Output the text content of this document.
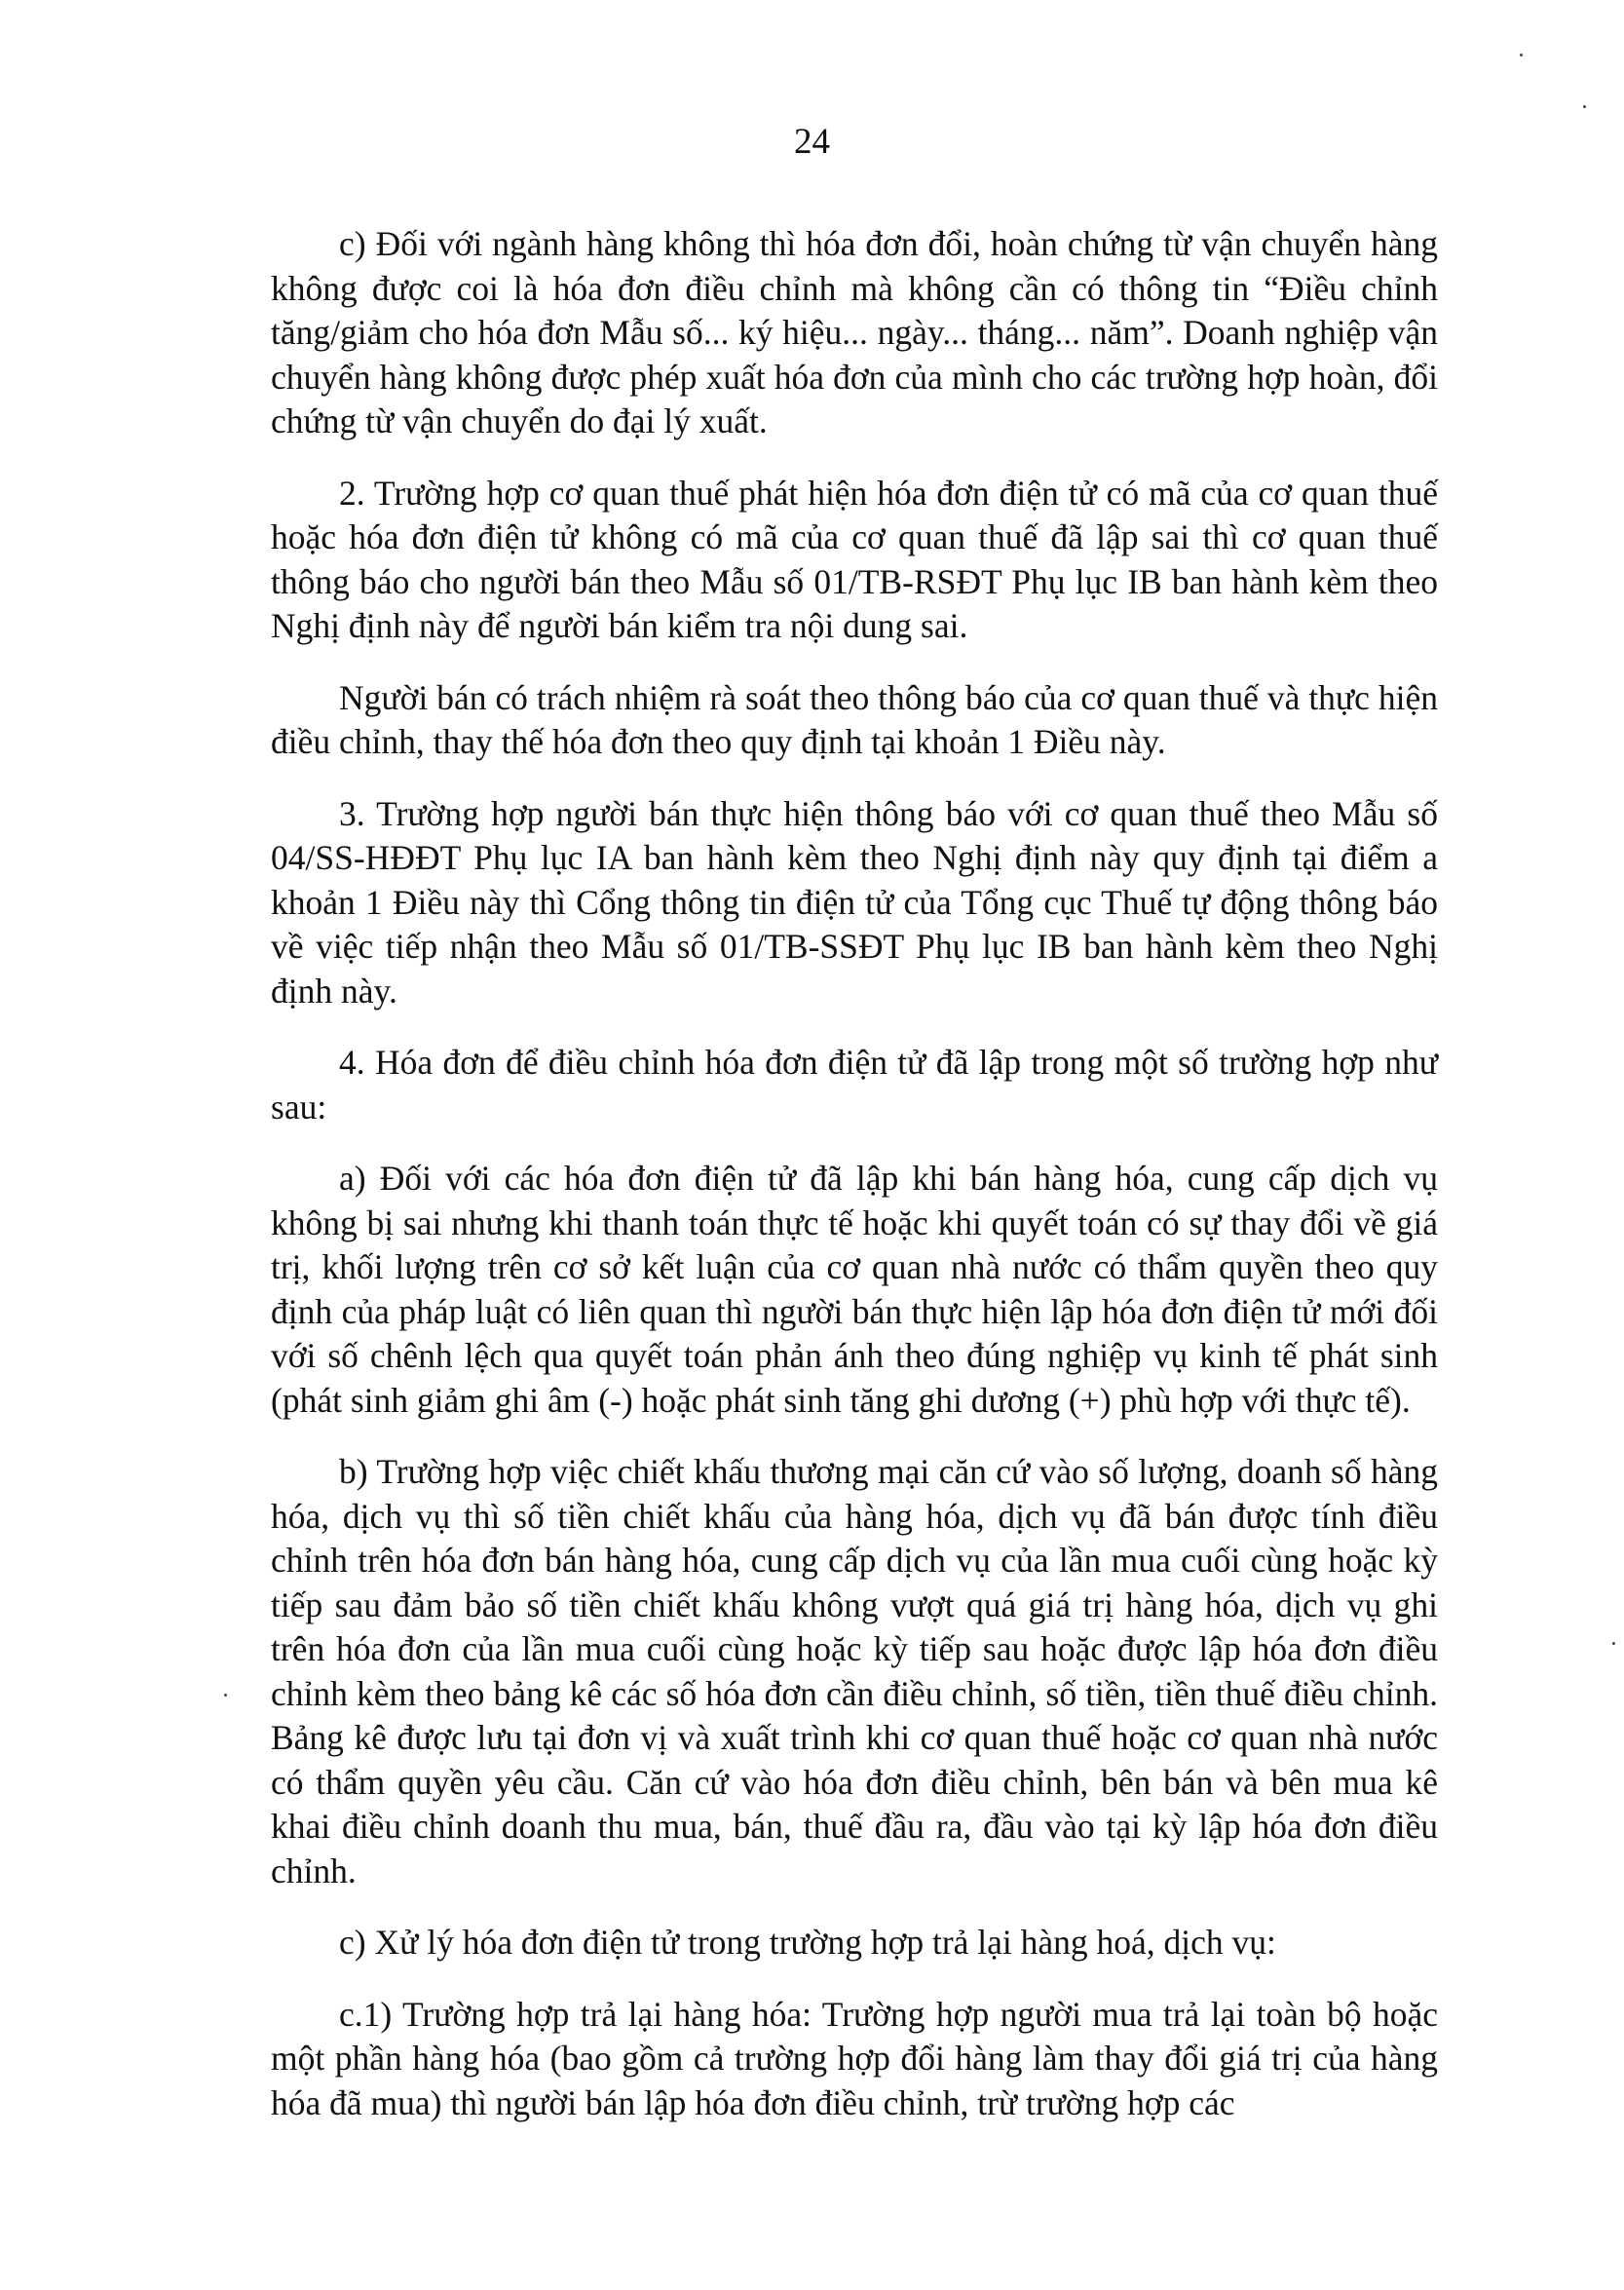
24

c) Đối với ngành hàng không thì hóa đơn đổi, hoàn chứng từ vận chuyển hàng không được coi là hóa đơn điều chỉnh mà không cần có thông tin “Điều chỉnh tăng/giảm cho hóa đơn Mẫu số... ký hiệu... ngày... tháng... năm”. Doanh nghiệp vận chuyển hàng không được phép xuất hóa đơn của mình cho các trường hợp hoàn, đổi chứng từ vận chuyển do đại lý xuất.

2. Trường hợp cơ quan thuế phát hiện hóa đơn điện tử có mã của cơ quan thuế hoặc hóa đơn điện tử không có mã của cơ quan thuế đã lập sai thì cơ quan thuế thông báo cho người bán theo Mẫu số 01/TB-RSĐT Phụ lục IB ban hành kèm theo Nghị định này để người bán kiểm tra nội dung sai.

Người bán có trách nhiệm rà soát theo thông báo của cơ quan thuế và thực hiện điều chỉnh, thay thế hóa đơn theo quy định tại khoản 1 Điều này.

3. Trường hợp người bán thực hiện thông báo với cơ quan thuế theo Mẫu số 04/SS-HĐĐT Phụ lục IA ban hành kèm theo Nghị định này quy định tại điểm a khoản 1 Điều này thì Cổng thông tin điện tử của Tổng cục Thuế tự động thông báo về việc tiếp nhận theo Mẫu số 01/TB-SSĐT Phụ lục IB ban hành kèm theo Nghị định này.

4. Hóa đơn để điều chỉnh hóa đơn điện tử đã lập trong một số trường hợp như sau:

a) Đối với các hóa đơn điện tử đã lập khi bán hàng hóa, cung cấp dịch vụ không bị sai nhưng khi thanh toán thực tế hoặc khi quyết toán có sự thay đổi về giá trị, khối lượng trên cơ sở kết luận của cơ quan nhà nước có thẩm quyền theo quy định của pháp luật có liên quan thì người bán thực hiện lập hóa đơn điện tử mới đối với số chênh lệch qua quyết toán phản ánh theo đúng nghiệp vụ kinh tế phát sinh (phát sinh giảm ghi âm (-) hoặc phát sinh tăng ghi dương (+) phù hợp với thực tế).

b) Trường hợp việc chiết khấu thương mại căn cứ vào số lượng, doanh số hàng hóa, dịch vụ thì số tiền chiết khấu của hàng hóa, dịch vụ đã bán được tính điều chỉnh trên hóa đơn bán hàng hóa, cung cấp dịch vụ của lần mua cuối cùng hoặc kỳ tiếp sau đảm bảo số tiền chiết khấu không vượt quá giá trị hàng hóa, dịch vụ ghi trên hóa đơn của lần mua cuối cùng hoặc kỳ tiếp sau hoặc được lập hóa đơn điều chỉnh kèm theo bảng kê các số hóa đơn cần điều chỉnh, số tiền, tiền thuế điều chỉnh. Bảng kê được lưu tại đơn vị và xuất trình khi cơ quan thuế hoặc cơ quan nhà nước có thẩm quyền yêu cầu. Căn cứ vào hóa đơn điều chỉnh, bên bán và bên mua kê khai điều chỉnh doanh thu mua, bán, thuế đầu ra, đầu vào tại kỳ lập hóa đơn điều chỉnh.

c) Xử lý hóa đơn điện tử trong trường hợp trả lại hàng hoá, dịch vụ:

c.1) Trường hợp trả lại hàng hóa: Trường hợp người mua trả lại toàn bộ hoặc một phần hàng hóa (bao gồm cả trường hợp đổi hàng làm thay đổi giá trị của hàng hóa đã mua) thì người bán lập hóa đơn điều chỉnh, trừ trường hợp các
